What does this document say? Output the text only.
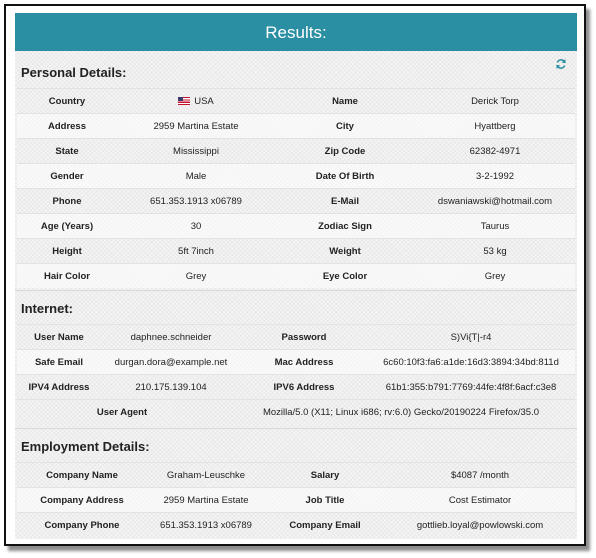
Results:
Personal Details:
Country	USA	Name	Derick Torp
Address	2959 Martina Estate	City	Hyattberg
State	Mississippi	Zip Code	62382-4971
Gender	Male	Date Of Birth	3-2-1992
Phone	651.353.1913 x06789	E-Mail	dswaniawski@hotmail.com
Age (Years)	30	Zodiac Sign	Taurus
Height	5ft 7inch	Weight	53 kg
Hair Color	Grey	Eye Color	Grey
Internet:
User Name	daphnee.schneider	Password	S)Vi{T|-r4
Safe Email	durgan.dora@example.net	Mac Address	6c60:10f3:fa6:a1de:16d3:3894:34bd:811d
IPV4 Address	210.175.139.104	IPV6 Address	61b1:355:b791:7769:44fe:4f8f:6acf:c3e8
User Agent	Mozilla/5.0 (X11; Linux i686; rv:6.0) Gecko/20190224 Firefox/35.0
Employment Details:
Company Name	Graham-Leuschke	Salary	$4087 /month
Company Address	2959 Martina Estate	Job Title	Cost Estimator
Company Phone	651.353.1913 x06789	Company Email	gottlieb.loyal@powlowski.com
